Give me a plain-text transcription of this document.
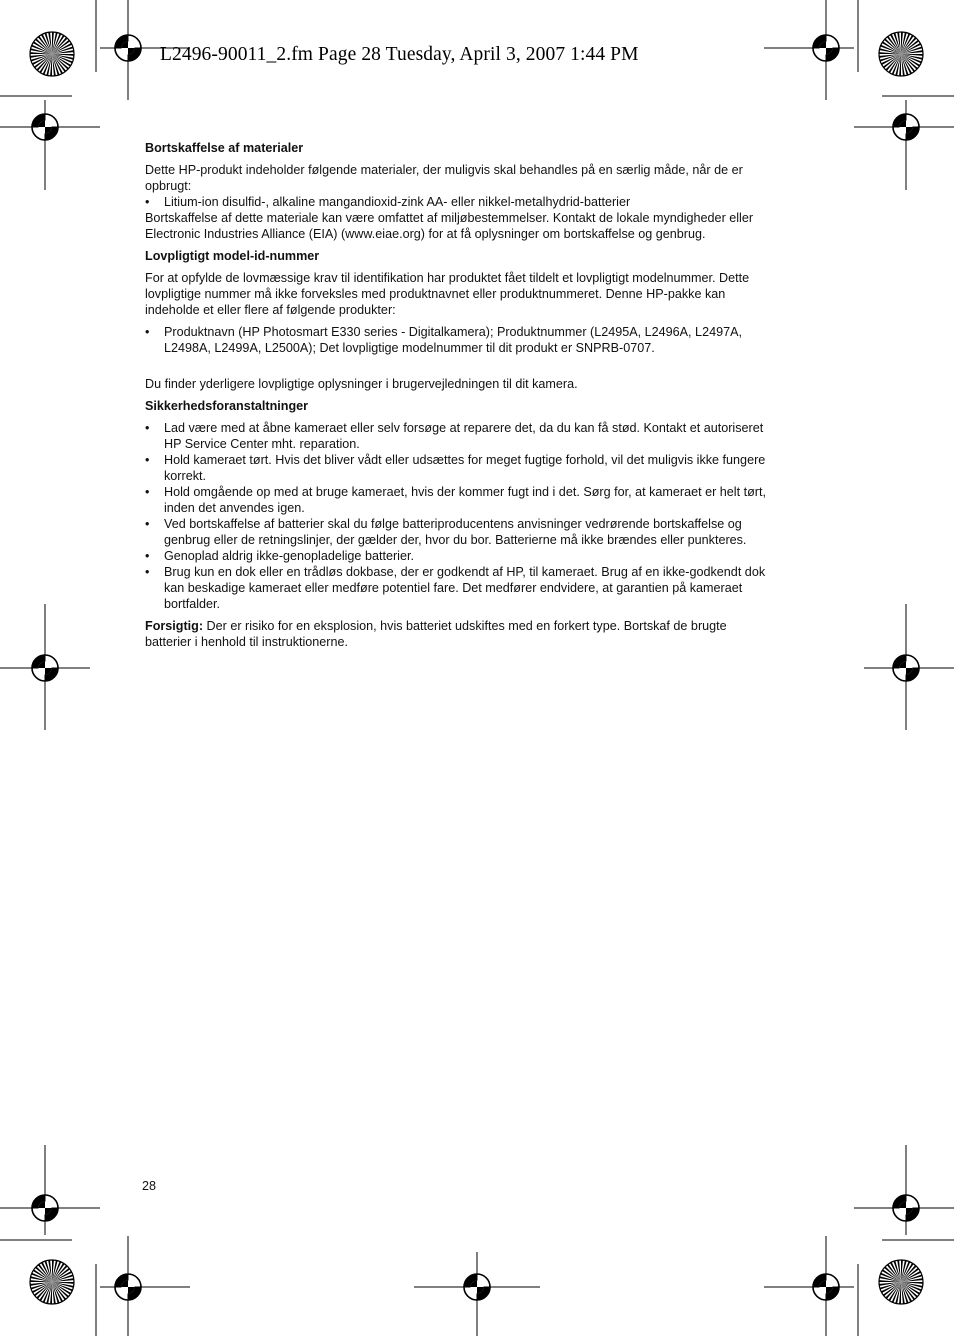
L2496-90011_2.fm Page 28 Tuesday, April 3, 2007 1:44 PM
Bortskaffelse af materialer

Dette HP-produkt indeholder følgende materialer, der muligvis skal behandles på en særlig måde, når de er opbrugt:

• Litium-ion disulfid-, alkaline mangandioxid-zink AA- eller nikkel-metalhydrid-batterier

Bortskaffelse af dette materiale kan være omfattet af miljøbestemmelser. Kontakt de lokale myndigheder eller Electronic Industries Alliance (EIA) (www.eiae.org) for at få oplysninger om bortskaffelse og genbrug.

Lovpligtigt model-id-nummer

For at opfylde de lovmæssige krav til identifikation har produktet fået tildelt et lovpligtigt modelnummer. Dette lovpligtige nummer må ikke forveksles med produktnavnet eller produktnummeret. Denne HP-pakke kan indeholde et eller flere af følgende produkter:

• Produktnavn (HP Photosmart E330 series - Digitalkamera); Produktnummer (L2495A, L2496A, L2497A, L2498A, L2499A, L2500A); Det lovpligtige modelnummer til dit produkt er SNPRB-0707.

Du finder yderligere lovpligtige oplysninger i brugervejledningen til dit kamera.

Sikkerhedsforanstaltninger
• Lad være med at åbne kameraet eller selv forsøge at reparere det, da du kan få stød. Kontakt et autoriseret HP Service Center mht. reparation.
• Hold kameraet tørt. Hvis det bliver vådt eller udsættes for meget fugtige forhold, vil det muligvis ikke fungere korrekt.
• Hold omgående op med at bruge kameraet, hvis der kommer fugt ind i det. Sørg for, at kameraet er helt tørt, inden det anvendes igen.
• Ved bortskaffelse af batterier skal du følge batteriproducentens anvisninger vedrørende bortskaffelse og genbrug eller de retningslinjer, der gælder der, hvor du bor. Batterierne må ikke brændes eller punkteres.
• Genoplad aldrig ikke-genopladelige batterier.
• Brug kun en dok eller en trådløs dokbase, der er godkendt af HP, til kameraet. Brug af en ikke-godkendt dok kan beskadige kameraet eller medføre potentiel fare. Det medfører endvidere, at garantien på kameraet bortfalder.

Forsigtig: Der er risiko for en eksplosion, hvis batteriet udskiftes med en forkert type. Bortskaf de brugte batterier i henhold til instruktionerne.

28
